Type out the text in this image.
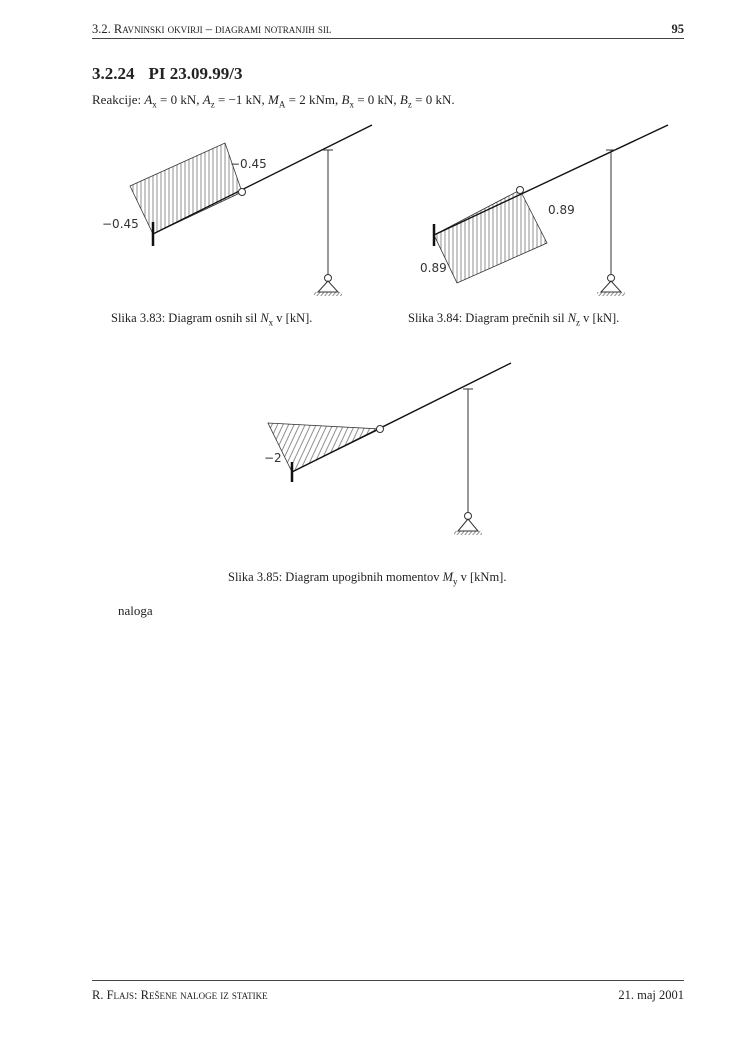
3.2. Ravninski okvirji – diagrami notranjih sil	95
3.2.24 PI 23.09.99/3
Reakcije: $A_x = 0$ kN, $A_z = -1$ kN, $M_A = 2$ kNm, $B_x = 0$ kN, $B_z = 0$ kN.
−0.45
−0.45
0.89
0.89
−2
Slika 3.83: Diagram osnih sil $N_x$ v [kN].	Slika 3.84: Diagram prečnih sil $N_z$ v [kN].
Slika 3.85: Diagram upogibnih momentov $M_y$ v [kNm].
naloga
R. Flajs: Rešene naloge iz statike	21. maj 2001
